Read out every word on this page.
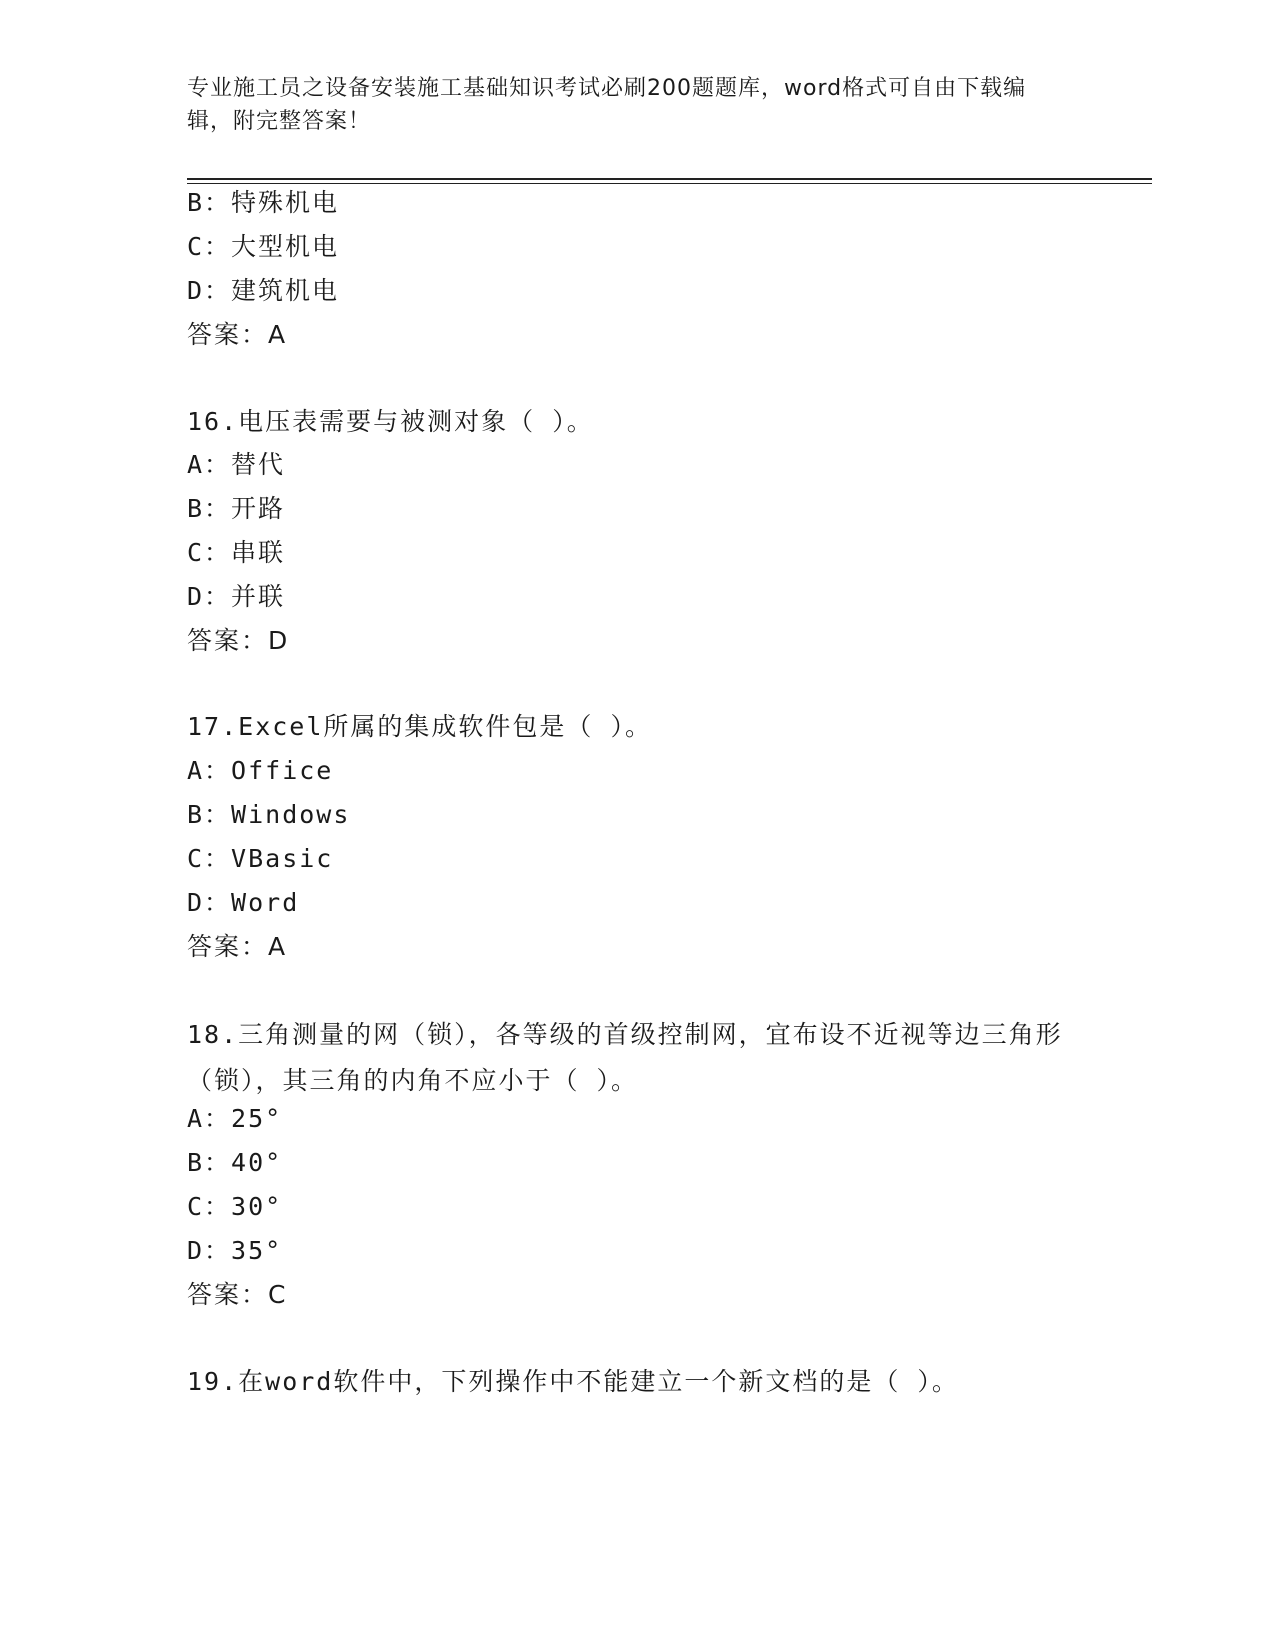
专业施工员之设备安装施工基础知识考试必刷200题题库，word格式可自由下载编辑，附完整答案！
B：特殊机电
C：大型机电
D：建筑机电
答案：A
16.电压表需要与被测对象（ ）。
A：替代
B：开路
C：串联
D：并联
答案：D
17.Excel所属的集成软件包是（ ）。
A：Office
B：Windows
C：VBasic
D：Word
答案：A
18.三角测量的网（锁），各等级的首级控制网，宜布设不近视等边三角形（锁），其三角的内角不应小于（ ）。
A：25°
B：40°
C：30°
D：35°
答案：C
19.在word软件中，下列操作中不能建立一个新文档的是（ ）。
